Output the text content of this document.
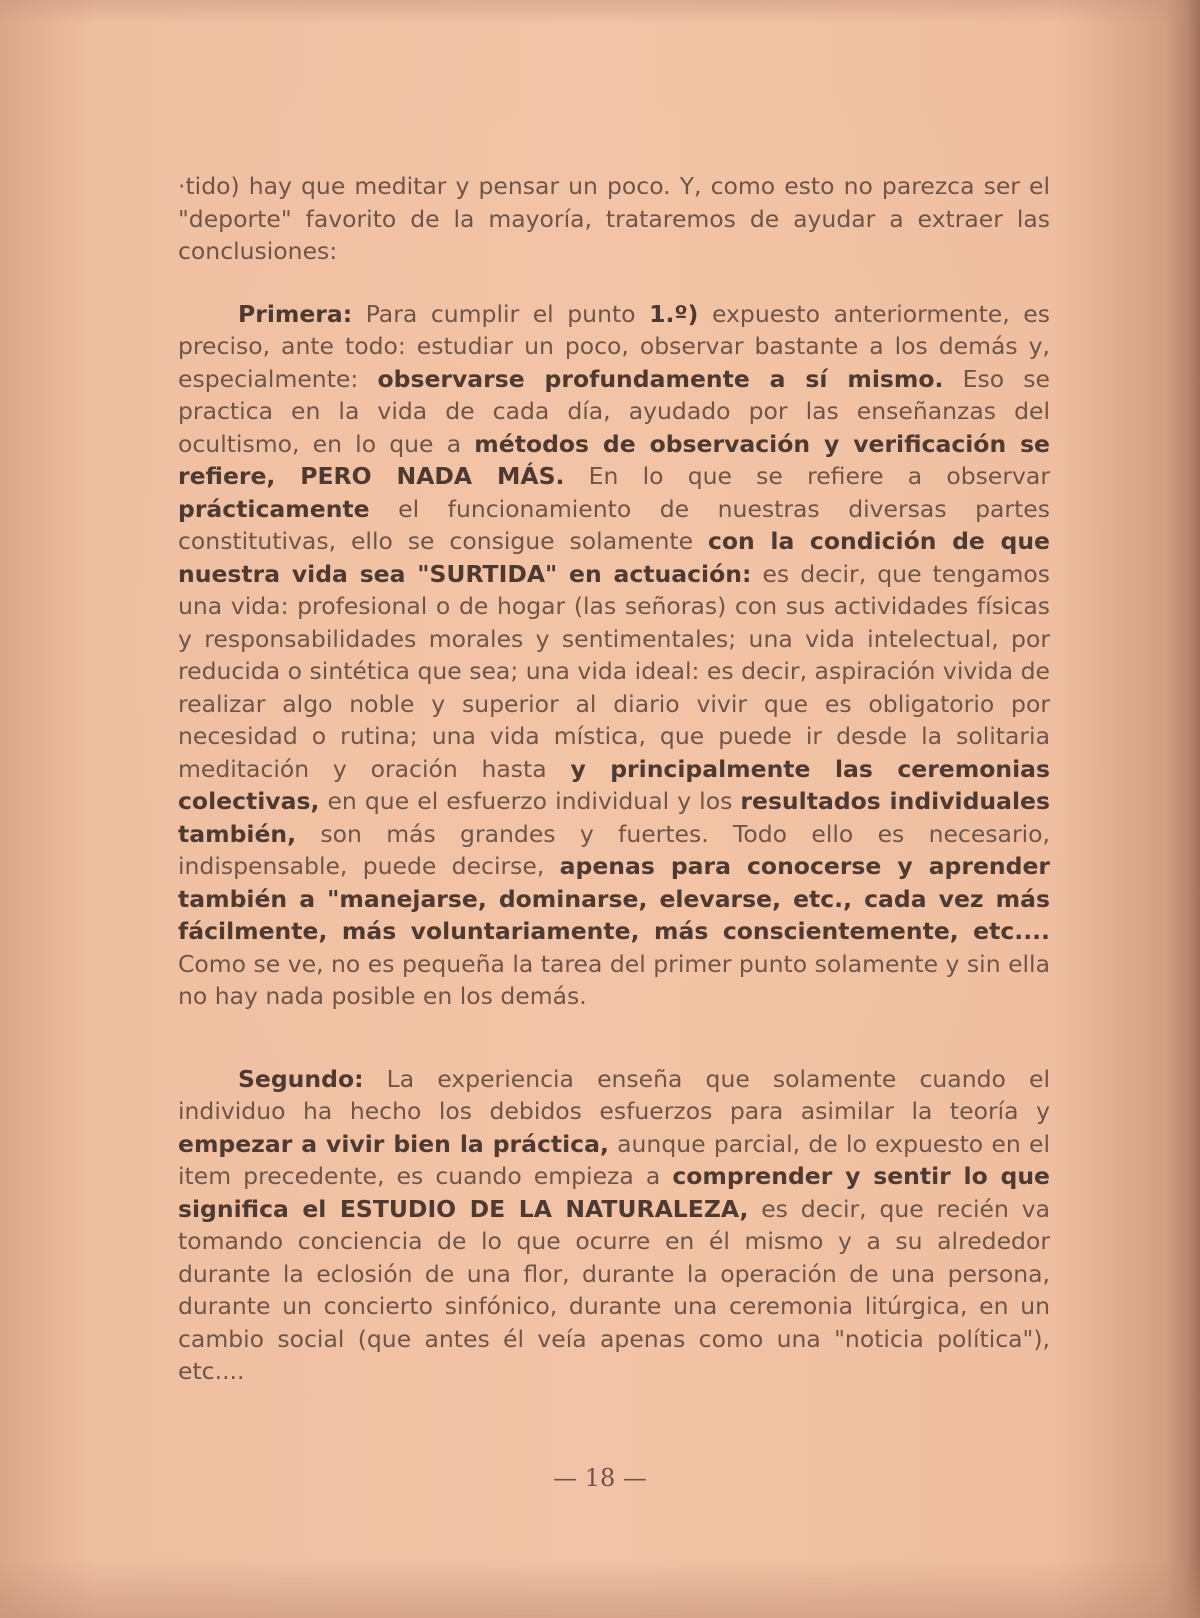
·tido) hay que meditar y pensar un poco. Y, como esto no parezca ser el "deporte" favorito de la mayoría, trataremos de ayudar a extraer las conclusiones:

Primera: Para cumplir el punto 1.º) expuesto anteriormente, es preciso, ante todo: estudiar un poco, observar bastante a los demás y, especialmente: observarse profundamente a sí mismo. Eso se practica en la vida de cada día, ayudado por las enseñanzas del ocultismo, en lo que a métodos de observación y verificación se refiere, PERO NADA MÁS. En lo que se refiere a observar prácticamente el funcionamiento de nuestras diversas partes constitutivas, ello se consigue solamente con la condición de que nuestra vida sea "SURTIDA" en actuación: es decir, que tengamos una vida: profesional o de hogar (las señoras) con sus actividades físicas y responsabilidades morales y sentimentales; una vida intelectual, por reducida o sintética que sea; una vida ideal: es decir, aspiración vivida de realizar algo noble y superior al diario vivir que es obligatorio por necesidad o rutina; una vida mística, que puede ir desde la solitaria meditación y oración hasta y principalmente las ceremonias colectivas, en que el esfuerzo individual y los resultados individuales también, son más grandes y fuertes. Todo ello es necesario, indispensable, puede decirse, apenas para conocerse y aprender también a "manejarse, dominarse, elevarse, etc., cada vez más fácilmente, más voluntariamente, más conscientemente, etc.... Como se ve, no es pequeña la tarea del primer punto solamente y sin ella no hay nada posible en los demás.

Segundo: La experiencia enseña que solamente cuando el individuo ha hecho los debidos esfuerzos para asimilar la teoría y empezar a vivir bien la práctica, aunque parcial, de lo expuesto en el item precedente, es cuando empieza a comprender y sentir lo que significa el ESTUDIO DE LA NATURALEZA, es decir, que recién va tomando conciencia de lo que ocurre en él mismo y a su alrededor durante la eclosión de una flor, durante la operación de una persona, durante un concierto sinfónico, durante una ceremonia litúrgica, en un cambio social (que antes él veía apenas como una "noticia política"), etc....

— 18 —
